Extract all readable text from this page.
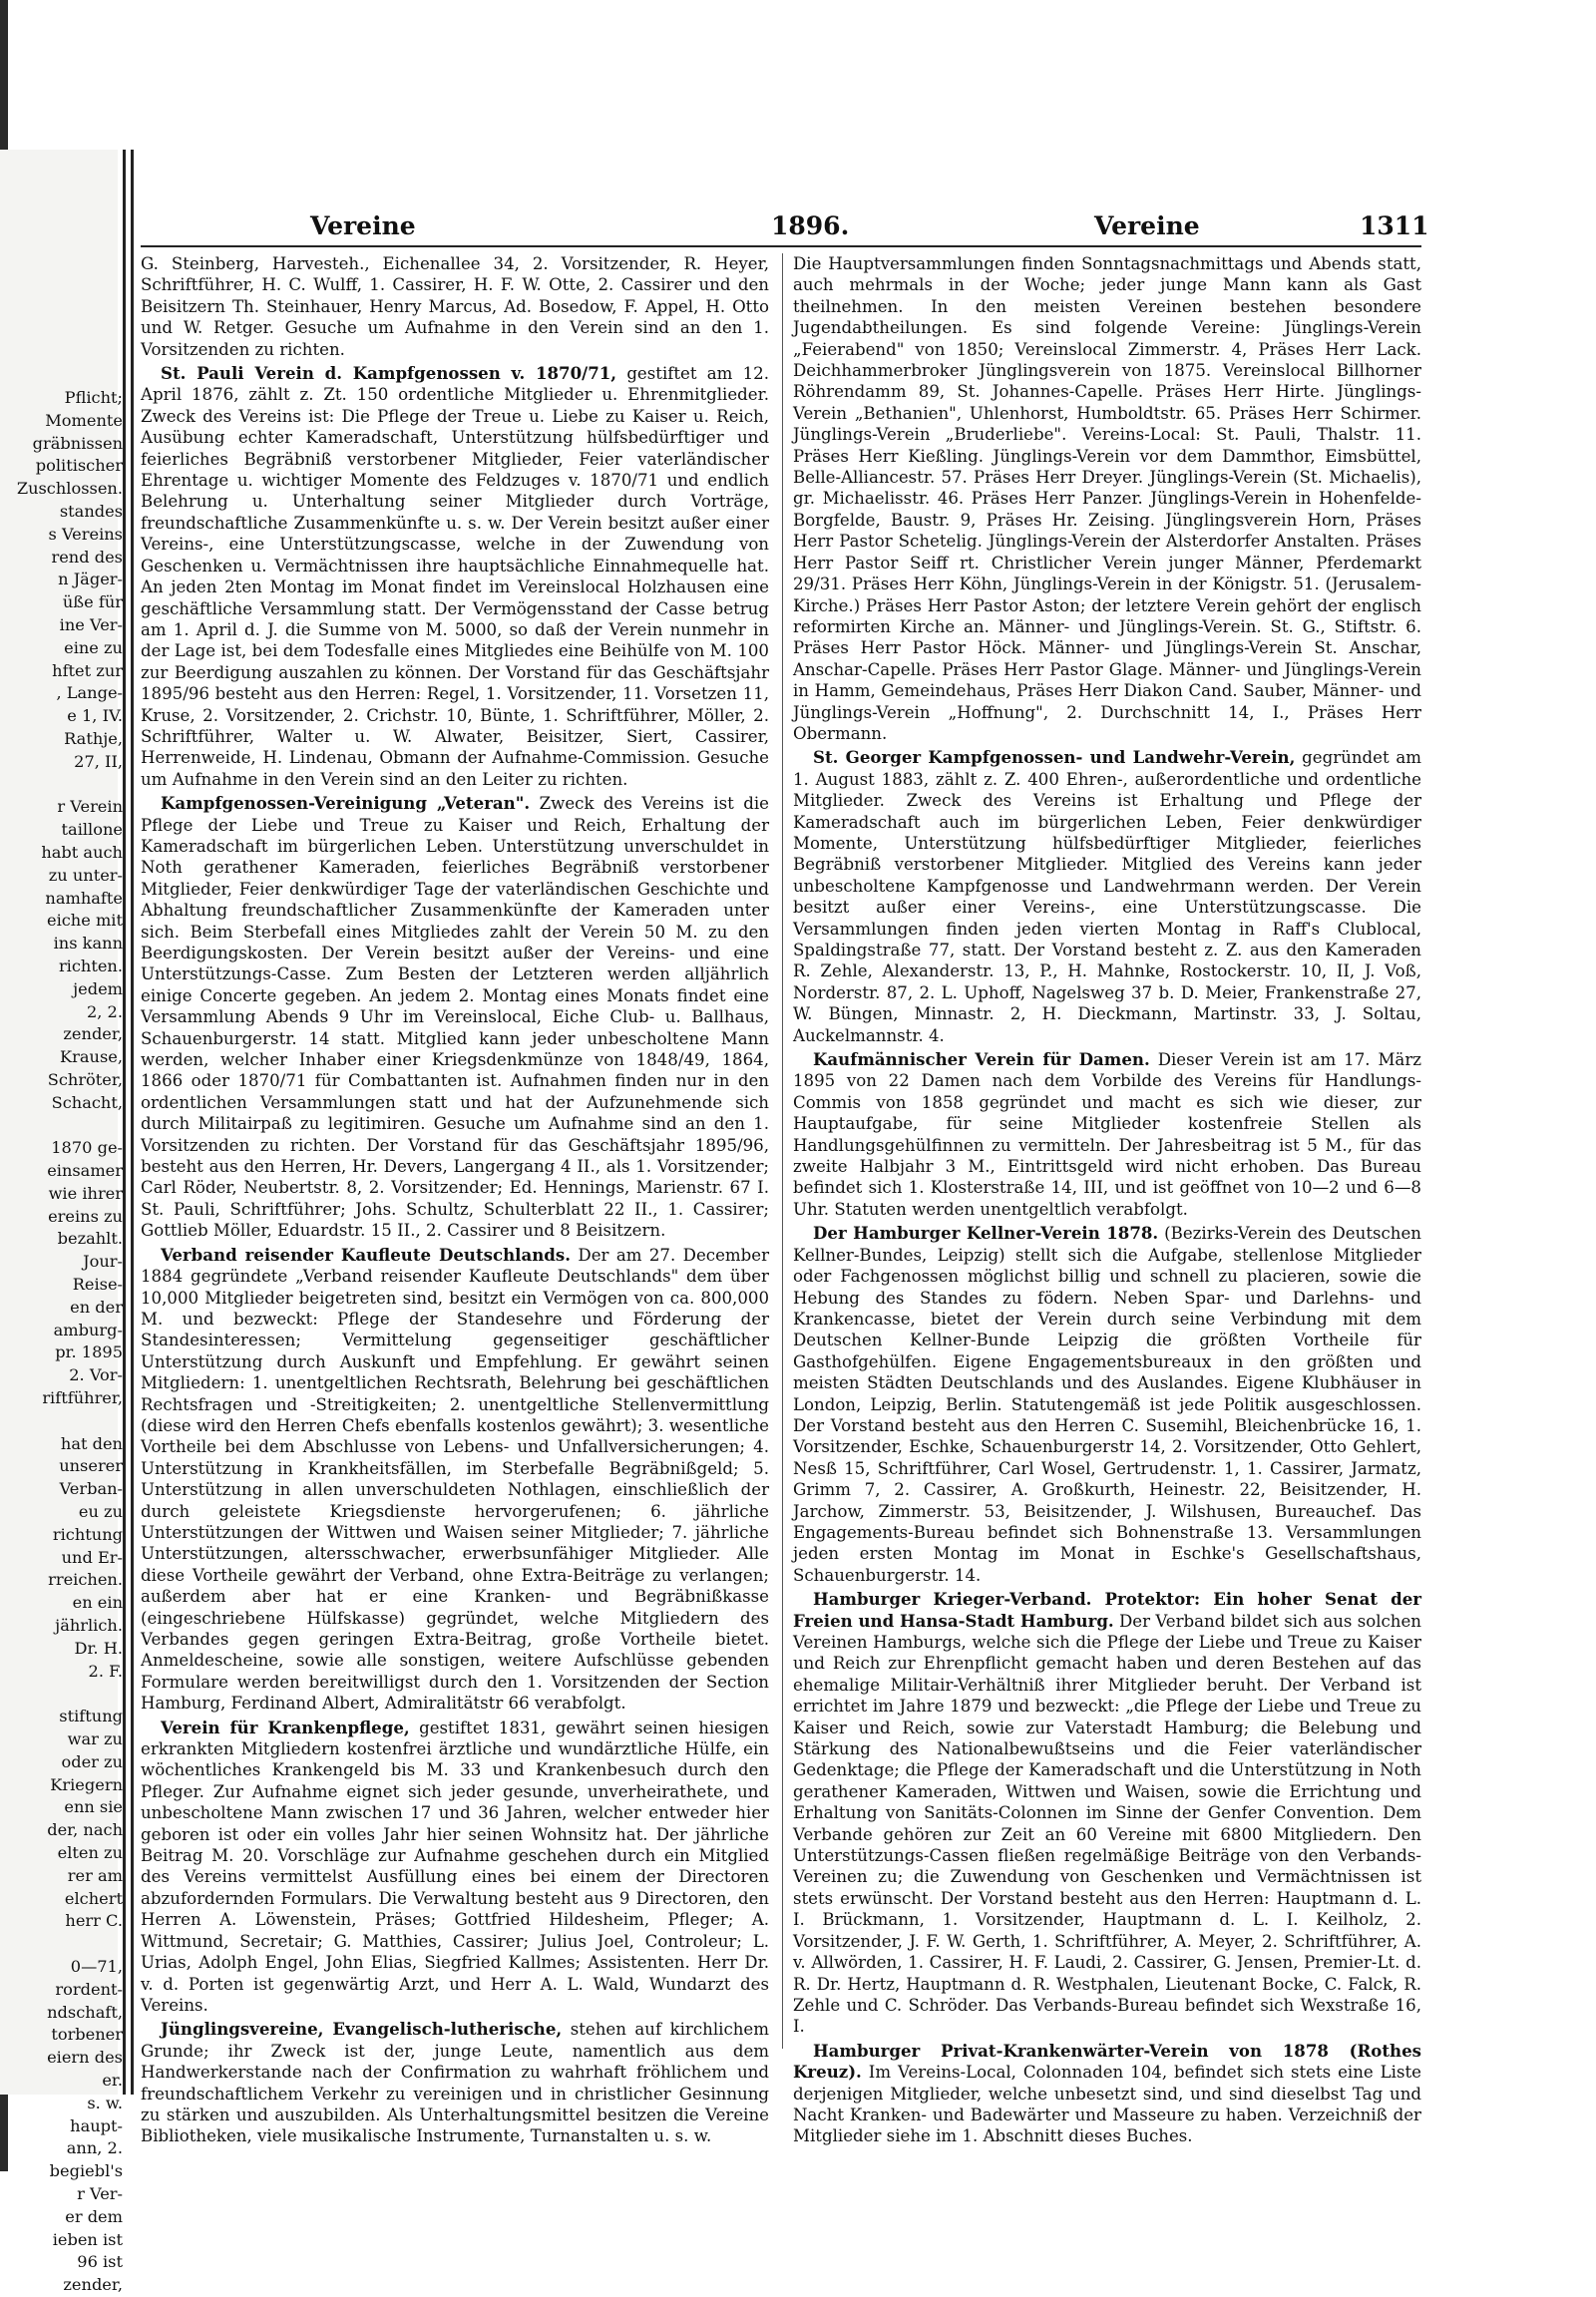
Pflicht;
Momente
gräbnissen
politischer
Zuschlossen.
standes
s Vereins
rend des
n Jäger-
üße für
ine Ver-
eine zu
hftet zur
, Lange-
e 1, IV.
Rathje,
27, II,
r Verein
taillone
habt auch
zu unter-
namhafte
eiche mit
ins kann
richten.
jedem
2, 2.
zender,
Krause,
Schröter,
Schacht,
1870 ge-
einsamer
wie ihrer
ereins zu
bezahlt.
Jour-
Reise-
en der
amburg-
pr. 1895
2. Vor-
riftführer,
hat den
unserer
Verban-
eu zu
richtung
und Er-
rreichen.
en ein
jährlich.
Dr. H.
2. F.
stiftung
war zu
oder zu
Kriegern
enn sie
der, nach
elten zu
rer am
elchert
herr C.
0—71,
rordent-
ndschaft,
torbener
eiern des
er.
s. w.
haupt-
ann, 2.
begiebl's
r Ver-
er dem
ieben ist
96 ist
zender,
Vereine	1896.	Vereine	1311

G. Steinberg, Harvesteh., Eichenallee 34, 2. Vorsitzender, R. Heyer, Schriftführer, H. C. Wulff, 1. Cassirer, H. F. W. Otte, 2. Cassirer und den Beisitzern Th. Steinhauer, Henry Marcus, Ad. Bosedow, F. Appel, H. Otto und W. Retger. Gesuche um Aufnahme in den Verein sind an den 1. Vorsitzenden zu richten.

St. Pauli Verein d. Kampfgenossen v. 1870/71, gestiftet am 12. April 1876, zählt z. Zt. 150 ordentliche Mitglieder u. Ehrenmitglieder. Zweck des Vereins ist: Die Pflege der Treue u. Liebe zu Kaiser u. Reich, Ausübung echter Kameradschaft, Unterstützung hülfsbedürftiger und feierliches Begräbniß verstorbener Mitglieder, Feier vaterländischer Ehrentage u. wichtiger Momente des Feldzuges v. 1870/71 und endlich Belehrung u. Unterhaltung seiner Mitglieder durch Vorträge, freundschaftliche Zusammenkünfte u. s. w. Der Verein besitzt außer einer Vereins-, eine Unterstützungscasse, welche in der Zuwendung von Geschenken u. Vermächtnissen ihre hauptsächliche Einnahmequelle hat. An jeden 2ten Montag im Monat findet im Vereinslocal Holzhausen eine geschäftliche Versammlung statt. Der Vermögensstand der Casse betrug am 1. April d. J. die Summe von M. 5000, so daß der Verein nunmehr in der Lage ist, bei dem Todesfalle eines Mitgliedes eine Beihülfe von M. 100 zur Beerdigung auszahlen zu können. Der Vorstand für das Geschäftsjahr 1895/96 besteht aus den Herren: Regel, 1. Vorsitzender, 11. Vorsetzen 11, Kruse, 2. Vorsitzender, 2. Crichstr. 10, Bünte, 1. Schriftführer, Möller, 2. Schriftführer, Walter u. W. Alwater, Beisitzer, Siert, Cassirer, Herrenweide, H. Lindenau, Obmann der Aufnahme-Commission. Gesuche um Aufnahme in den Verein sind an den Leiter zu richten.

Kampfgenossen-Vereinigung „Veteran". Zweck des Vereins ist die Pflege der Liebe und Treue zu Kaiser und Reich, Erhaltung der Kameradschaft im bürgerlichen Leben. Unterstützung unverschuldet in Noth gerathener Kameraden, feierliches Begräbniß verstorbener Mitglieder, Feier denkwürdiger Tage der vaterländischen Geschichte und Abhaltung freundschaftlicher Zusammenkünfte der Kameraden unter sich. Beim Sterbefall eines Mitgliedes zahlt der Verein 50 M. zu den Beerdigungskosten. Der Verein besitzt außer der Vereins- und eine Unterstützungs-Casse. Zum Besten der Letzteren werden alljährlich einige Concerte gegeben. An jedem 2. Montag eines Monats findet eine Versammlung Abends 9 Uhr im Vereinslocal, Eiche Club- u. Ballhaus, Schauenburgerstr. 14 statt. Mitglied kann jeder unbescholtene Mann werden, welcher Inhaber einer Kriegsdenkmünze von 1848/49, 1864, 1866 oder 1870/71 für Combattanten ist. Aufnahmen finden nur in den ordentlichen Versammlungen statt und hat der Aufzunehmende sich durch Militairpaß zu legitimiren. Gesuche um Aufnahme sind an den 1. Vorsitzenden zu richten. Der Vorstand für das Geschäftsjahr 1895/96, besteht aus den Herren, Hr. Devers, Langergang 4 II., als 1. Vorsitzender; Carl Röder, Neubertstr. 8, 2. Vorsitzender; Ed. Hennings, Marienstr. 67 I. St. Pauli, Schriftführer; Johs. Schultz, Schulterblatt 22 II., 1. Cassirer; Gottlieb Möller, Eduardstr. 15 II., 2. Cassirer und 8 Beisitzern.

Verband reisender Kaufleute Deutschlands. Der am 27. December 1884 gegründete „Verband reisender Kaufleute Deutschlands" dem über 10,000 Mitglieder beigetreten sind, besitzt ein Vermögen von ca. 800,000 M. und bezweckt: Pflege der Standesehre und Förderung der Standesinteressen; Vermittelung gegenseitiger geschäftlicher Unterstützung durch Auskunft und Empfehlung. Er gewährt seinen Mitgliedern: 1. unentgeltlichen Rechtsrath, Belehrung bei geschäftlichen Rechtsfragen und -Streitigkeiten; 2. unentgeltliche Stellenvermittlung (diese wird den Herren Chefs ebenfalls kostenlos gewährt); 3. wesentliche Vortheile bei dem Abschlusse von Lebens- und Unfallversicherungen; 4. Unterstützung in Krankheitsfällen, im Sterbefalle Begräbnißgeld; 5. Unterstützung in allen unverschuldeten Nothlagen, einschließlich der durch geleistete Kriegsdienste hervorgerufenen; 6. jährliche Unterstützungen der Wittwen und Waisen seiner Mitglieder; 7. jährliche Unterstützungen, altersschwacher, erwerbsunfähiger Mitglieder. Alle diese Vortheile gewährt der Verband, ohne Extra-Beiträge zu verlangen; außerdem aber hat er eine Kranken- und Begräbnißkasse (eingeschriebene Hülfskasse) gegründet, welche Mitgliedern des Verbandes gegen geringen Extra-Beitrag, große Vortheile bietet. Anmeldescheine, sowie alle sonstigen, weitere Aufschlüsse gebenden Formulare werden bereitwilligst durch den 1. Vorsitzenden der Section Hamburg, Ferdinand Albert, Admiralitätstr 66 verabfolgt.

Verein für Krankenpflege, gestiftet 1831, gewährt seinen hiesigen erkrankten Mitgliedern kostenfrei ärztliche und wundärztliche Hülfe, ein wöchentliches Krankengeld bis M. 33 und Krankenbesuch durch den Pfleger. Zur Aufnahme eignet sich jeder gesunde, unverheirathete, und unbescholtene Mann zwischen 17 und 36 Jahren, welcher entweder hier geboren ist oder ein volles Jahr hier seinen Wohnsitz hat. Der jährliche Beitrag M. 20. Vorschläge zur Aufnahme geschehen durch ein Mitglied des Vereins vermittelst Ausfüllung eines bei einem der Directoren abzufordernden Formulars. Die Verwaltung besteht aus 9 Directoren, den Herren A. Löwenstein, Präses; Gottfried Hildesheim, Pfleger; A. Wittmund, Secretair; G. Matthies, Cassirer; Julius Joel, Controleur; L. Urias, Adolph Engel, John Elias, Siegfried Kallmes; Assistenten. Herr Dr. v. d. Porten ist gegenwärtig Arzt, und Herr A. L. Wald, Wundarzt des Vereins.

Jünglingsvereine, Evangelisch-lutherische, stehen auf kirchlichem Grunde; ihr Zweck ist der, junge Leute, namentlich aus dem Handwerkerstande nach der Confirmation zu wahrhaft fröhlichem und freundschaftlichem Verkehr zu vereinigen und in christlicher Gesinnung zu stärken und auszubilden. Als Unterhaltungsmittel besitzen die Vereine Bibliotheken, viele musikalische Instrumente, Turnanstalten u. s. w.

Die Hauptversammlungen finden Sonntagsnachmittags und Abends statt, auch mehrmals in der Woche; jeder junge Mann kann als Gast theilnehmen. In den meisten Vereinen bestehen besondere Jugendabtheilungen. Es sind folgende Vereine: Jünglings-Verein „Feierabend" von 1850; Vereinslocal Zimmerstr. 4, Präses Herr Lack. Deichhammerbroker Jünglingsverein von 1875. Vereinslocal Billhorner Röhrendamm 89, St. Johannes-Capelle. Präses Herr Hirte. Jünglings-Verein „Bethanien", Uhlenhorst, Humboldtstr. 65. Präses Herr Schirmer. Jünglings-Verein „Bruderliebe". Vereins-Local: St. Pauli, Thalstr. 11. Präses Herr Kießling. Jünglings-Verein vor dem Dammthor, Eimsbüttel, Belle-Alliancestr. 57. Präses Herr Dreyer. Jünglings-Verein (St. Michaelis), gr. Michaelisstr. 46. Präses Herr Panzer. Jünglings-Verein in Hohenfelde-Borgfelde, Baustr. 9, Präses Hr. Zeising. Jünglingsverein Horn, Präses Herr Pastor Schetelig. Jünglings-Verein der Alsterdorfer Anstalten. Präses Herr Pastor Seiff rt. Christlicher Verein junger Männer, Pferdemarkt 29/31. Präses Herr Köhn, Jünglings-Verein in der Königstr. 51. (Jerusalem-Kirche.) Präses Herr Pastor Aston; der letztere Verein gehört der englisch reformirten Kirche an. Männer- und Jünglings-Verein. St. G., Stiftstr. 6. Präses Herr Pastor Höck. Männer- und Jünglings-Verein St. Anschar, Anschar-Capelle. Präses Herr Pastor Glage. Männer- und Jünglings-Verein in Hamm, Gemeindehaus, Präses Herr Diakon Cand. Sauber, Männer- und Jünglings-Verein „Hoffnung", 2. Durchschnitt 14, I., Präses Herr Obermann.

St. Georger Kampfgenossen- und Landwehr-Verein, gegründet am 1. August 1883, zählt z. Z. 400 Ehren-, außerordentliche und ordentliche Mitglieder. Zweck des Vereins ist Erhaltung und Pflege der Kameradschaft auch im bürgerlichen Leben, Feier denkwürdiger Momente, Unterstützung hülfsbedürftiger Mitglieder, feierliches Begräbniß verstorbener Mitglieder. Mitglied des Vereins kann jeder unbescholtene Kampfgenosse und Landwehrmann werden. Der Verein besitzt außer einer Vereins-, eine Unterstützungscasse. Die Versammlungen finden jeden vierten Montag in Raff's Clublocal, Spaldingstraße 77, statt. Der Vorstand besteht z. Z. aus den Kameraden R. Zehle, Alexanderstr. 13, P., H. Mahnke, Rostockerstr. 10, II, J. Voß, Norderstr. 87, 2. L. Uphoff, Nagelsweg 37 b. D. Meier, Frankenstraße 27, W. Büngen, Minnastr. 2, H. Dieckmann, Martinstr. 33, J. Soltau, Auckelmannstr. 4.

Kaufmännischer Verein für Damen. Dieser Verein ist am 17. März 1895 von 22 Damen nach dem Vorbilde des Vereins für Handlungs-Commis von 1858 gegründet und macht es sich wie dieser, zur Hauptaufgabe, für seine Mitglieder kostenfreie Stellen als Handlungsgehülfinnen zu vermitteln. Der Jahresbeitrag ist 5 M., für das zweite Halbjahr 3 M., Eintrittsgeld wird nicht erhoben. Das Bureau befindet sich 1. Klosterstraße 14, III, und ist geöffnet von 10—2 und 6—8 Uhr. Statuten werden unentgeltlich verabfolgt.

Der Hamburger Kellner-Verein 1878. (Bezirks-Verein des Deutschen Kellner-Bundes, Leipzig) stellt sich die Aufgabe, stellenlose Mitglieder oder Fachgenossen möglichst billig und schnell zu placieren, sowie die Hebung des Standes zu födern. Neben Spar- und Darlehns- und Krankencasse, bietet der Verein durch seine Verbindung mit dem Deutschen Kellner-Bunde Leipzig die größten Vortheile für Gasthofgehülfen. Eigene Engagementsbureaux in den größten und meisten Städten Deutschlands und des Auslandes. Eigene Klubhäuser in London, Leipzig, Berlin. Statutengemäß ist jede Politik ausgeschlossen. Der Vorstand besteht aus den Herren C. Susemihl, Bleichenbrücke 16, 1. Vorsitzender, Eschke, Schauenburgerstr 14, 2. Vorsitzender, Otto Gehlert, Nesß 15, Schriftführer, Carl Wosel, Gertrudenstr. 1, 1. Cassirer, Jarmatz, Grimm 7, 2. Cassirer, A. Großkurth, Heinestr. 22, Beisitzender, H. Jarchow, Zimmerstr. 53, Beisitzender, J. Wilshusen, Bureauchef. Das Engagements-Bureau befindet sich Bohnenstraße 13. Versammlungen jeden ersten Montag im Monat in Eschke's Gesellschaftshaus, Schauenburgerstr. 14.

Hamburger Krieger-Verband. Protektor: Ein hoher Senat der Freien und Hansa-Stadt Hamburg. Der Verband bildet sich aus solchen Vereinen Hamburgs, welche sich die Pflege der Liebe und Treue zu Kaiser und Reich zur Ehrenpflicht gemacht haben und deren Bestehen auf das ehemalige Militair-Verhältniß ihrer Mitglieder beruht. Der Verband ist errichtet im Jahre 1879 und bezweckt: „die Pflege der Liebe und Treue zu Kaiser und Reich, sowie zur Vaterstadt Hamburg; die Belebung und Stärkung des Nationalbewußtseins und die Feier vaterländischer Gedenktage; die Pflege der Kameradschaft und die Unterstützung in Noth gerathener Kameraden, Wittwen und Waisen, sowie die Errichtung und Erhaltung von Sanitäts-Colonnen im Sinne der Genfer Convention. Dem Verbande gehören zur Zeit an 60 Vereine mit 6800 Mitgliedern. Den Unterstützungs-Cassen fließen regelmäßige Beiträge von den Verbands-Vereinen zu; die Zuwendung von Geschenken und Vermächtnissen ist stets erwünscht. Der Vorstand besteht aus den Herren: Hauptmann d. L. I. Brückmann, 1. Vorsitzender, Hauptmann d. L. I. Keilholz, 2. Vorsitzender, J. F. W. Gerth, 1. Schriftführer, A. Meyer, 2. Schriftführer, A. v. Allwörden, 1. Cassirer, H. F. Laudi, 2. Cassirer, G. Jensen, Premier-Lt. d. R. Dr. Hertz, Hauptmann d. R. Westphalen, Lieutenant Bocke, C. Falck, R. Zehle und C. Schröder. Das Verbands-Bureau befindet sich Wexstraße 16, I.

Hamburger Privat-Krankenwärter-Verein von 1878 (Rothes Kreuz). Im Vereins-Local, Colonnaden 104, befindet sich stets eine Liste derjenigen Mitglieder, welche unbesetzt sind, und sind dieselbst Tag und Nacht Kranken- und Badewärter und Masseure zu haben. Verzeichniß der Mitglieder siehe im 1. Abschnitt dieses Buches.
